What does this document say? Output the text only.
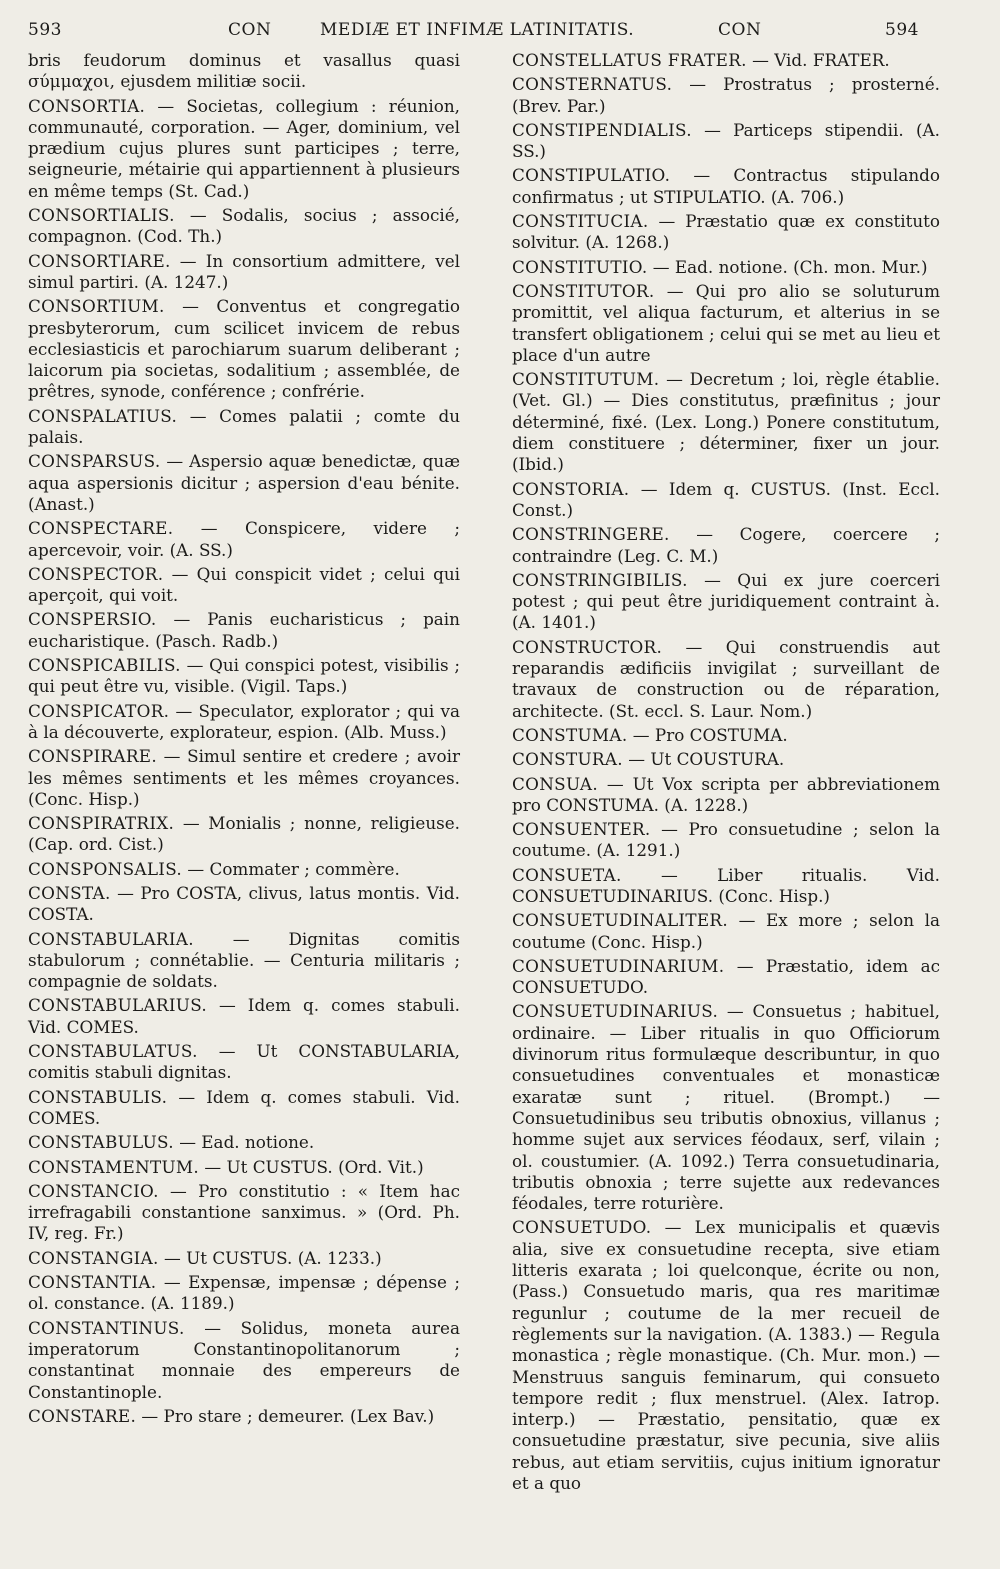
593	CON	MEDIÆ ET INFIMÆ LATINITATIS.	CON	594

bris feudorum dominus et vasallus quasi σύμμαχοι, ejusdem militiæ socii.

CONSORTIA. — Societas, collegium : réunion, communauté, corporation. — Ager, dominium, vel prædium cujus plures sunt participes ; terre, seigneurie, métairie qui appartiennent à plusieurs en même temps (St. Cad.)

CONSORTIALIS. — Sodalis, socius ; associé, compagnon. (Cod. Th.)

CONSORTIARE. — In consortium admittere, vel simul partiri. (A. 1247.)

CONSORTIUM. — Conventus et congregatio presbyterorum, cum scilicet invicem de rebus ecclesiasticis et parochiarum suarum deliberant ; laicorum pia societas, sodalitium ; assemblée, de prêtres, synode, conférence ; confrérie.

CONSPALATIUS. — Comes palatii ; comte du palais.

CONSPARSUS. — Aspersio aquæ benedictæ, quæ aqua aspersionis dicitur ; aspersion d'eau bénite. (Anast.)

CONSPECTARE. — Conspicere, videre ; apercevoir, voir. (A. SS.)

CONSPECTOR. — Qui conspicit videt ; celui qui aperçoit, qui voit.

CONSPERSIO. — Panis eucharisticus ; pain eucharistique. (Pasch. Radb.)

CONSPICABILIS. — Qui conspici potest, visibilis ; qui peut être vu, visible. (Vigil. Taps.)

CONSPICATOR. — Speculator, explorator ; qui va à la découverte, explorateur, espion. (Alb. Muss.)

CONSPIRARE. — Simul sentire et credere ; avoir les mêmes sentiments et les mêmes croyances. (Conc. Hisp.)

CONSPIRATRIX. — Monialis ; nonne, religieuse. (Cap. ord. Cist.)

CONSPONSALIS. — Commater ; commère.

CONSTA. — Pro COSTA, clivus, latus montis. Vid. COSTA.

CONSTABULARIA. — Dignitas comitis stabulorum ; connétablie. — Centuria militaris ; compagnie de soldats.

CONSTABULARIUS. — Idem q. comes stabuli. Vid. COMES.

CONSTABULATUS. — Ut CONSTABULARIA, comitis stabuli dignitas.

CONSTABULIS. — Idem q. comes stabuli. Vid. COMES.

CONSTABULUS. — Ead. notione.

CONSTAMENTUM. — Ut CUSTUS. (Ord. Vit.)

CONSTANCIO. — Pro constitutio : « Item hac irrefragabili constantione sanximus. » (Ord. Ph. IV, reg. Fr.)

CONSTANGIA. — Ut CUSTUS. (A. 1233.)

CONSTANTIA. — Expensæ, impensæ ; dépense ; ol. constance. (A. 1189.)

CONSTANTINUS. — Solidus, moneta aurea imperatorum Constantinopolitanorum ; constantinat monnaie des empereurs de Constantinople.

CONSTARE. — Pro stare ; demeurer. (Lex Bav.)

CONSTELLATUS FRATER. — Vid. FRATER.

CONSTERNATUS. — Prostratus ; prosterné. (Brev. Par.)

CONSTIPENDIALIS. — Particeps stipendii. (A. SS.)

CONSTIPULATIO. — Contractus stipulando confirmatus ; ut STIPULATIO. (A. 706.)

CONSTITUCIA. — Præstatio quæ ex constituto solvitur. (A. 1268.)

CONSTITUTIO. — Ead. notione. (Ch. mon. Mur.)

CONSTITUTOR. — Qui pro alio se soluturum promittit, vel aliqua facturum, et alterius in se transfert obligationem ; celui qui se met au lieu et place d'un autre

CONSTITUTUM. — Decretum ; loi, règle établie. (Vet. Gl.) — Dies constitutus, præfinitus ; jour déterminé, fixé. (Lex. Long.) Ponere constitutum, diem constituere ; déterminer, fixer un jour. (Ibid.)

CONSTORIA. — Idem q. CUSTUS. (Inst. Eccl. Const.)

CONSTRINGERE. — Cogere, coercere ; contraindre (Leg. C. M.)

CONSTRINGIBILIS. — Qui ex jure coerceri potest ; qui peut être juridiquement contraint à. (A. 1401.)

CONSTRUCTOR. — Qui construendis aut reparandis ædificiis invigilat ; surveillant de travaux de construction ou de réparation, architecte. (St. eccl. S. Laur. Nom.)

CONSTUMA. — Pro COSTUMA.

CONSTURA. — Ut COUSTURA.

CONSUA. — Ut Vox scripta per abbreviationem pro CONSTUMA. (A. 1228.)

CONSUENTER. — Pro consuetudine ; selon la coutume. (A. 1291.)

CONSUETA. — Liber ritualis. Vid. CONSUETUDINARIUS. (Conc. Hisp.)

CONSUETUDINALITER. — Ex more ; selon la coutume (Conc. Hisp.)

CONSUETUDINARIUM. — Præstatio, idem ac CONSUETUDO.

CONSUETUDINARIUS. — Consuetus ; habituel, ordinaire. — Liber ritualis in quo Officiorum divinorum ritus formulæque describuntur, in quo consuetudines conventuales et monasticæ exaratæ sunt ; rituel. (Brompt.) — Consuetudinibus seu tributis obnoxius, villanus ; homme sujet aux services féodaux, serf, vilain ; ol. coustumier. (A. 1092.) Terra consuetudinaria, tributis obnoxia ; terre sujette aux redevances féodales, terre roturière.

CONSUETUDO. — Lex municipalis et quævis alia, sive ex consuetudine recepta, sive etiam litteris exarata ; loi quelconque, écrite ou non, (Pass.) Consuetudo maris, qua res maritimæ regunlur ; coutume de la mer recueil de règlements sur la navigation. (A. 1383.) — Regula monastica ; règle monastique. (Ch. Mur. mon.) — Menstruus sanguis feminarum, qui consueto tempore redit ; flux menstruel. (Alex. Iatrop. interp.) — Præstatio, pensitatio, quæ ex consuetudine præstatur, sive pecunia, sive aliis rebus, aut etiam servitiis, cujus initium ignoratur et a quo
